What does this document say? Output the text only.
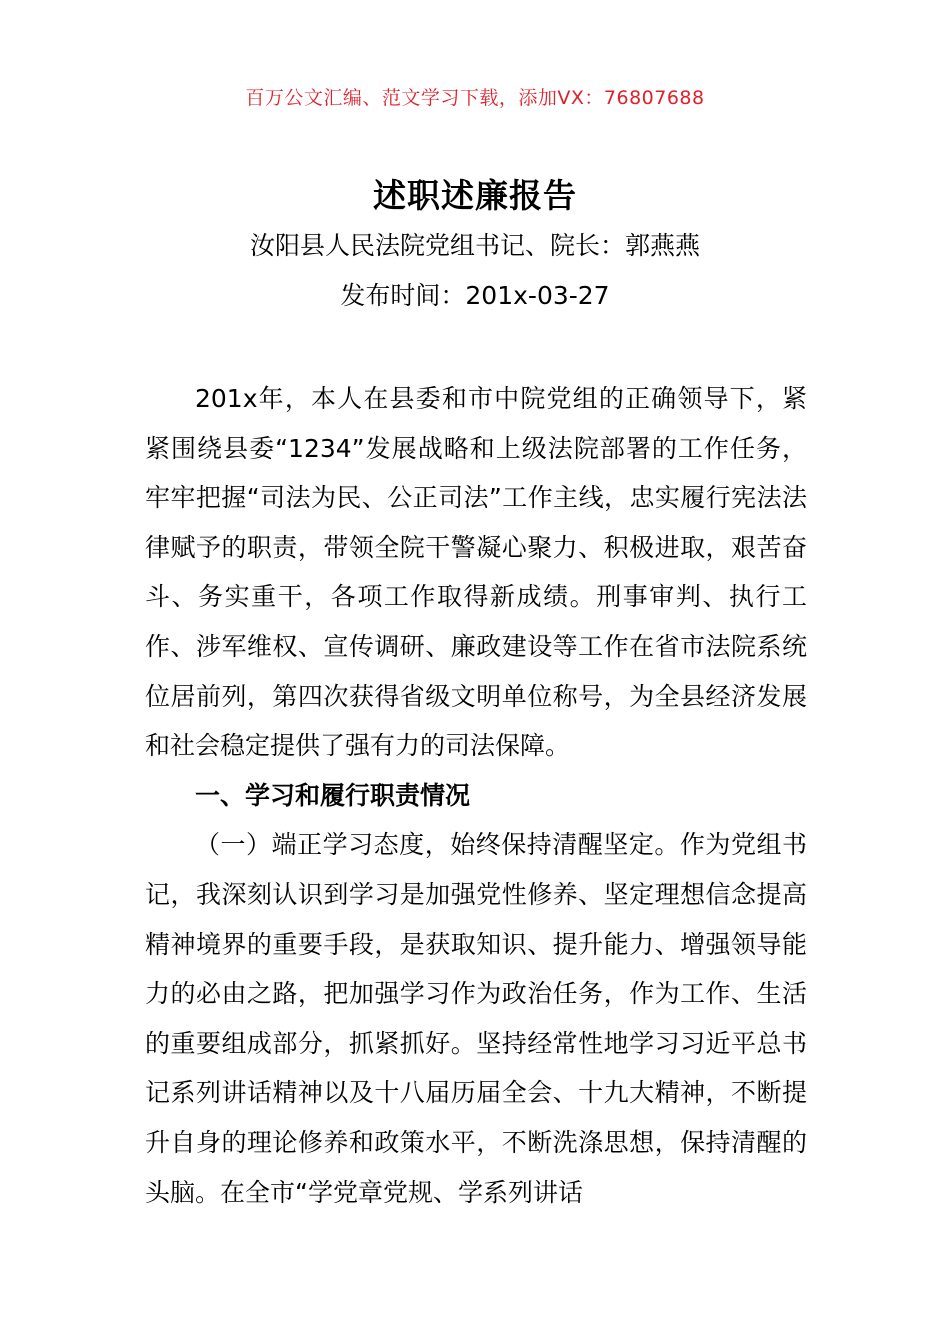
百万公文汇编、范文学习下载，添加VX：76807688
述职述廉报告
汝阳县人民法院党组书记、院长：郭燕燕
发布时间：201x-03-27

201x年，本人在县委和市中院党组的正确领导下，紧紧围绕县委“1234”发展战略和上级法院部署的工作任务，牢牢把握“司法为民、公正司法”工作主线，忠实履行宪法法律赋予的职责，带领全院干警凝心聚力、积极进取，艰苦奋斗、务实重干，各项工作取得新成绩。刑事审判、执行工作、涉军维权、宣传调研、廉政建设等工作在省市法院系统位居前列，第四次获得省级文明单位称号，为全县经济发展和社会稳定提供了强有力的司法保障。

一、学习和履行职责情况

（一）端正学习态度，始终保持清醒坚定。作为党组书记，我深刻认识到学习是加强党性修养、坚定理想信念提高精神境界的重要手段，是获取知识、提升能力、增强领导能力的必由之路，把加强学习作为政治任务，作为工作、生活的重要组成部分，抓紧抓好。坚持经常性地学习习近平总书记系列讲话精神以及十八届历届全会、十九大精神，不断提升自身的理论修养和政策水平，不断洗涤思想，保持清醒的头脑。在全市“学党章党规、学系列讲话
